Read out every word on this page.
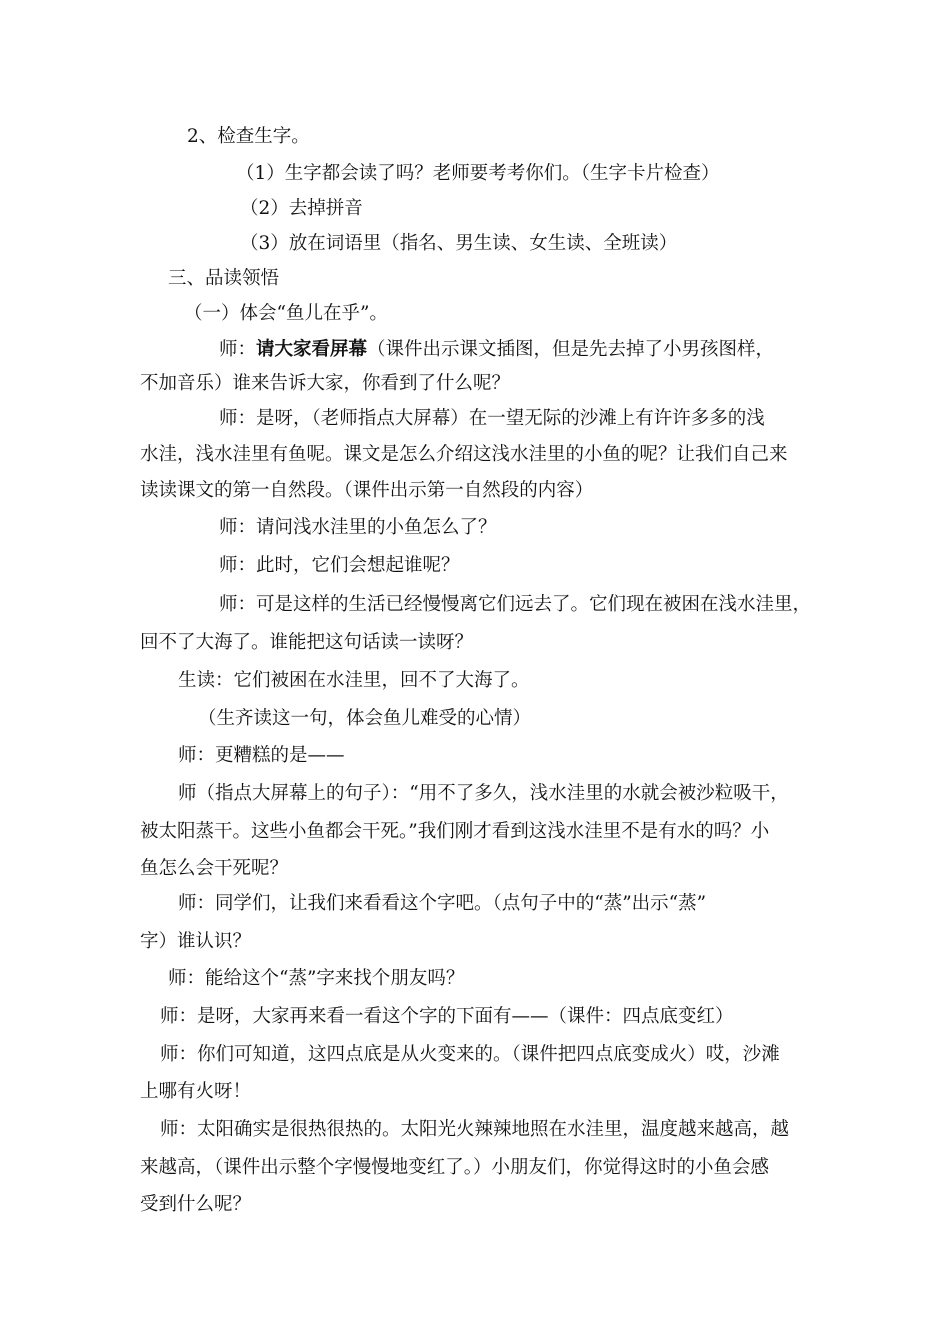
2、检查生字。
（1）生字都会读了吗？老师要考考你们。（生字卡片检查）
（2）去掉拼音
（3）放在词语里（指名、男生读、女生读、全班读）
三、品读领悟
（一）体会“鱼儿在乎”。
师：请大家看屏幕（课件出示课文插图，但是先去掉了小男孩图样，
不加音乐）谁来告诉大家，你看到了什么呢？
师：是呀，（老师指点大屏幕）在一望无际的沙滩上有许许多多的浅
水洼，浅水洼里有鱼呢。课文是怎么介绍这浅水洼里的小鱼的呢？让我们自己来
读读课文的第一自然段。（课件出示第一自然段的内容）
师：请问浅水洼里的小鱼怎么了？
师：此时，它们会想起谁呢？
师：可是这样的生活已经慢慢离它们远去了。它们现在被困在浅水洼里，
回不了大海了。谁能把这句话读一读呀？
生读：它们被困在水洼里，回不了大海了。
（生齐读这一句，体会鱼儿难受的心情）
师：更糟糕的是——
师（指点大屏幕上的句子）：“用不了多久，浅水洼里的水就会被沙粒吸干，
被太阳蒸干。这些小鱼都会干死。”我们刚才看到这浅水洼里不是有水的吗？小
鱼怎么会干死呢？
师：同学们，让我们来看看这个字吧。（点句子中的“蒸”出示“蒸”
字）谁认识？
师：能给这个“蒸”字来找个朋友吗？
师：是呀，大家再来看一看这个字的下面有——（课件：四点底变红）
师：你们可知道，这四点底是从火变来的。（课件把四点底变成火）哎，沙滩
上哪有火呀！
师：太阳确实是很热很热的。太阳光火辣辣地照在水洼里，温度越来越高，越
来越高，（课件出示整个字慢慢地变红了。）小朋友们，你觉得这时的小鱼会感
受到什么呢？
